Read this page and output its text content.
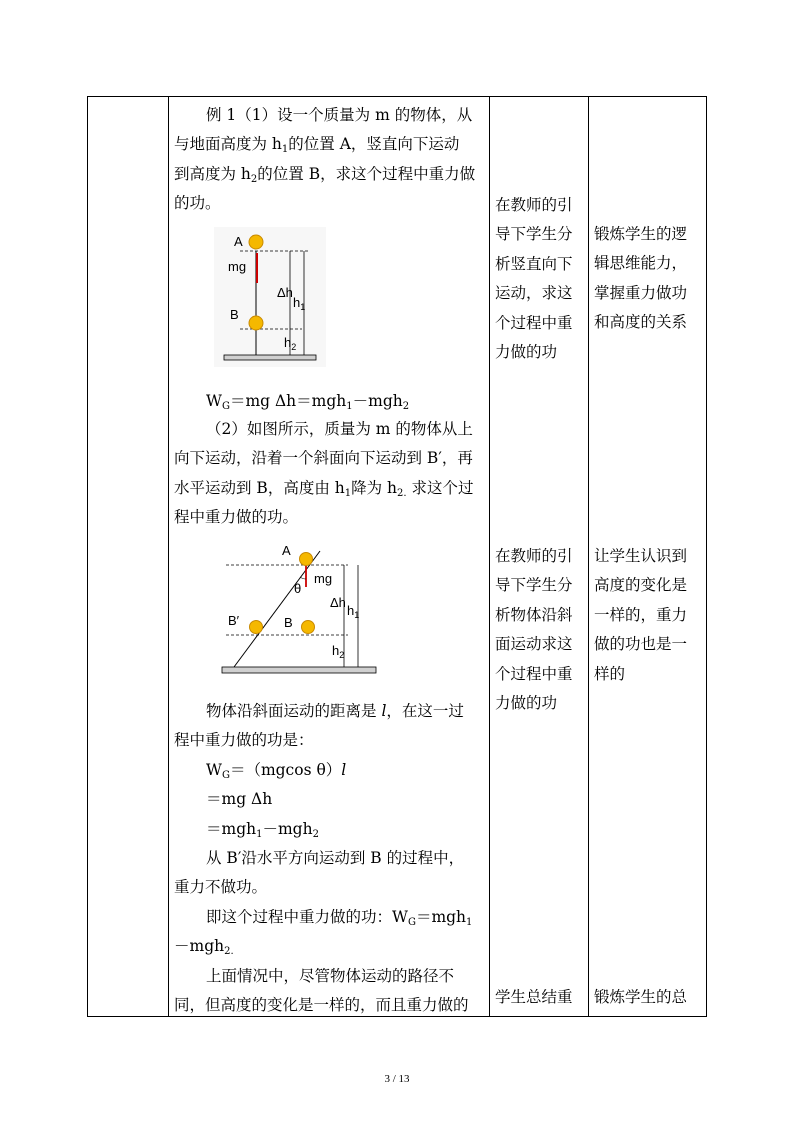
例 1（1）设一个质量为 m 的物体，从
与地面高度为 $h_1$的位置 A，竖直向下运动
到高度为 $h_2$的位置 B，求这个过程中重力做
的功。
A
mg
Δh
$h_1$
B
$h_2$
$W_G=mg$ Δh＝mgh$_1$－mgh$_2$
（2）如图所示，质量为 m 的物体从上
向下运动，沿着一个斜面向下运动到 B′，再
水平运动到 B，高度由 $h_1$降为 $h_{2.}$ 求这个过
程中重力做的功。
A
mg
θ
Δh
$h_1$
B′	B
$h_2$
物体沿斜面运动的距离是 l，在这一过
程中重力做的功是：
$W_G=(mgcos$ θ）l
＝mg Δh
＝mgh$_1$－mgh$_2$
从 B′沿水平方向运动到 B 的过程中，
重力不做功。
即这个过程中重力做的功：$W_G=mgh_1$
－mgh$_{2.}$
上面情况中，尽管物体运动的路径不
同，但高度的变化是一样的，而且重力做的
在教师的引
导下学生分
析竖直向下
运动，求这
个过程中重
力做的功
在教师的引
导下学生分
析物体沿斜
面运动求这
个过程中重
力做的功
学生总结重
锻炼学生的逻
辑思维能力，
掌握重力做功
和高度的关系
让学生认识到
高度的变化是
一样的，重力
做的功也是一
样的
锻炼学生的总
3 / 13
